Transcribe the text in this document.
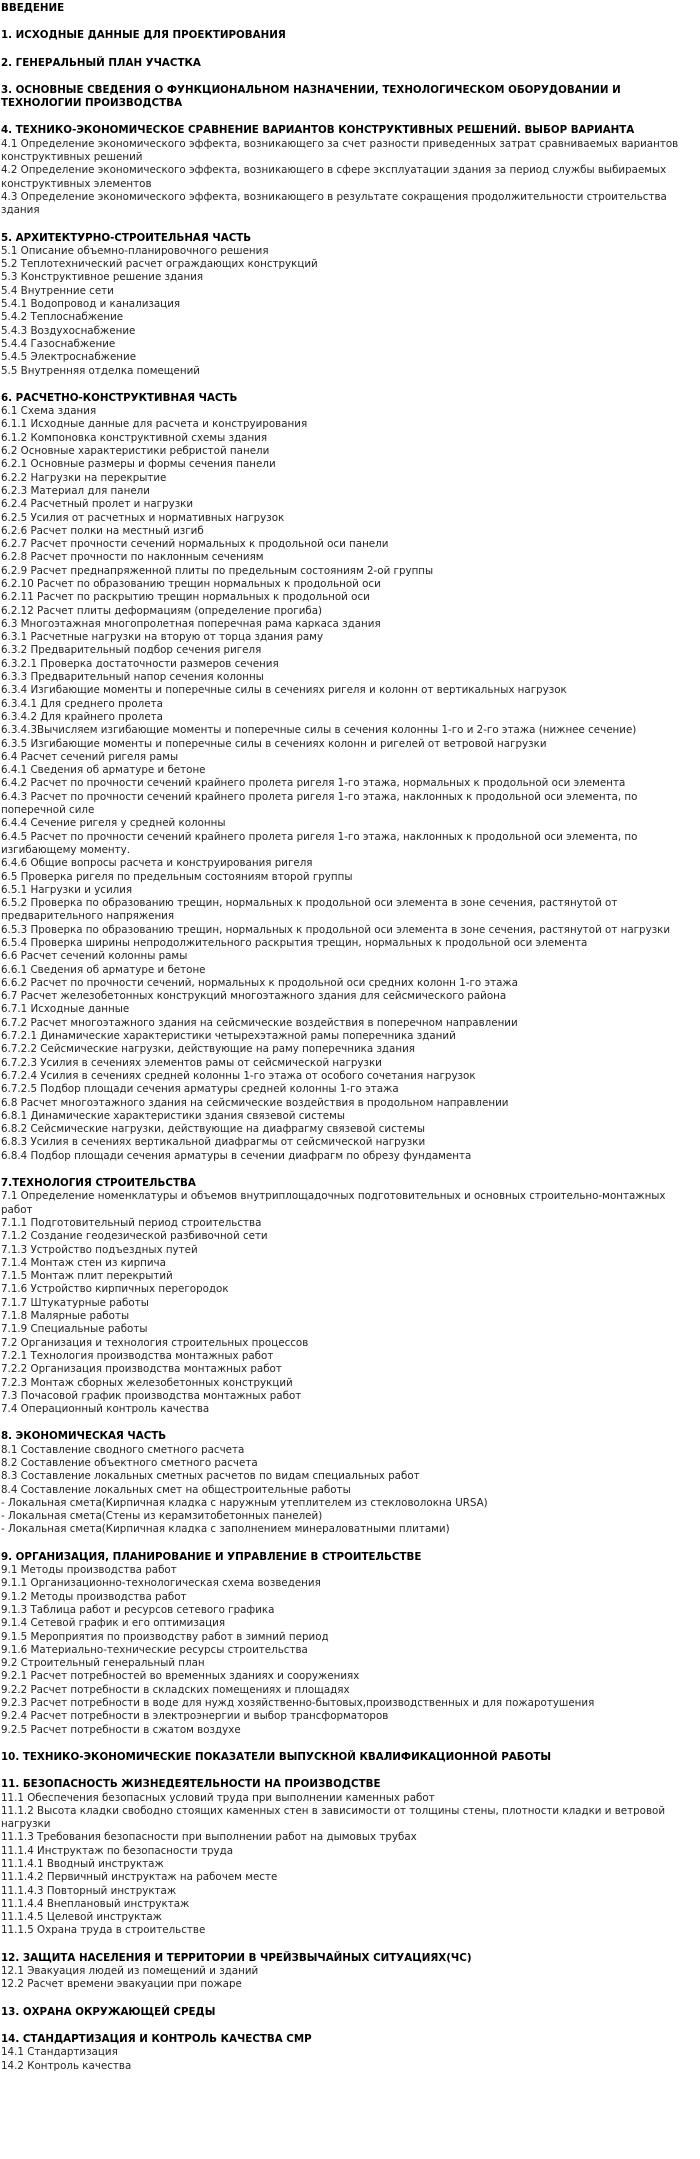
ВВЕДЕНИЕ
1. ИСХОДНЫЕ ДАННЫЕ ДЛЯ ПРОЕКТИРОВАНИЯ
2. ГЕНЕРАЛЬНЫЙ ПЛАН УЧАСТКА
3. ОСНОВНЫЕ СВЕДЕНИЯ О ФУНКЦИОНАЛЬНОМ НАЗНАЧЕНИИ, ТЕХНОЛОГИЧЕСКОМ ОБОРУДОВАНИИ И ТЕХНОЛОГИИ ПРОИЗВОДСТВА
4. ТЕХНИКО-ЭКОНОМИЧЕСКОЕ СРАВНЕНИЕ ВАРИАНТОВ КОНСТРУКТИВНЫХ РЕШЕНИЙ. ВЫБОР ВАРИАНТА
4.1 Определение экономического эффекта, возникающего за счет разности приведенных затрат сравниваемых вариантов конструктивных решений
4.2 Определение экономического эффекта, возникающего в сфере эксплуатации здания за период службы выбираемых конструктивных элементов
4.3 Определение экономического эффекта, возникающего в результате сокращения продолжительности строительства здания
5. АРХИТЕКТУРНО-СТРОИТЕЛЬНАЯ ЧАСТЬ
5.1 Описание объемно-планировочного решения
5.2 Теплотехнический расчет ограждающих конструкций
5.3 Конструктивное решение здания
5.4 Внутренние сети
5.4.1 Водопровод и канализация
5.4.2 Теплоснабжение
5.4.3 Воздухоснабжение
5.4.4 Газоснабжение
5.4.5 Электроснабжение
5.5 Внутренняя отделка помещений
6. РАСЧЕТНО-КОНСТРУКТИВНАЯ ЧАСТЬ
6.1 Схема здания
6.1.1 Исходные данные для расчета и конструирования
6.1.2 Компоновка конструктивной схемы здания
6.2 Основные характеристики ребристой панели
6.2.1 Основные размеры и формы сечения панели
6.2.2 Нагрузки на перекрытие
6.2.3 Материал для панели
6.2.4 Расчетный пролет и нагрузки
6.2.5 Усилия от расчетных и нормативных нагрузок
6.2.6 Расчет полки на местный изгиб
6.2.7 Расчет прочности сечений нормальных к продольной оси панели
6.2.8 Расчет прочности по наклонным сечениям
6.2.9 Расчет преднапряженной плиты по предельным состояниям 2-ой группы
6.2.10 Расчет по образованию трещин нормальных к продольной оси
6.2.11 Расчет по раскрытию трещин нормальных к продольной оси
6.2.12 Расчет плиты деформациям (определение прогиба)
6.3 Многоэтажная многопролетная поперечная рама каркаса здания
6.3.1 Расчетные нагрузки на вторую от торца здания раму
6.3.2 Предварительный подбор сечения ригеля
6.3.2.1 Проверка достаточности размеров сечения
6.3.3 Предварительный напор сечения колонны
6.3.4 Изгибающие моменты и поперечные силы в сечениях ригеля и колонн от вертикальных нагрузок
6.3.4.1 Для среднего пролета
6.3.4.2 Для крайнего пролета
6.3.4.3Вычисляем изгибающие моменты и поперечные силы в сечения колонны 1-го и 2-го этажа (нижнее сечение)
6.3.5 Изгибающие моменты и поперечные силы в сечениях колонн и ригелей от ветровой нагрузки
6.4 Расчет сечений ригеля рамы
6.4.1 Сведения об арматуре и бетоне
6.4.2 Расчет по прочности сечений крайнего пролета ригеля 1-го этажа, нормальных к продольной оси элемента
6.4.3 Расчет по прочности сечений крайнего пролета ригеля 1-го этажа, наклонных к продольной оси элемента, по поперечной силе
6.4.4 Сечение ригеля у средней колонны
6.4.5 Расчет по прочности сечений крайнего пролета ригеля 1-го этажа, наклонных к продольной оси элемента, по изгибающему моменту.
6.4.6 Общие вопросы расчета и конструирования ригеля
6.5 Проверка ригеля по предельным состояниям второй группы
6.5.1 Нагрузки и усилия
6.5.2 Проверка по образованию трещин, нормальных к продольной оси элемента в зоне сечения, растянутой от предварительного напряжения
6.5.3 Проверка по образованию трещин, нормальных к продольной оси элемента в зоне сечения, растянутой от нагрузки
6.5.4 Проверка ширины непродолжительного раскрытия трещин, нормальных к продольной оси элемента
6.6 Расчет сечений колонны рамы
6.6.1 Сведения об арматуре и бетоне
6.6.2 Расчет по прочности сечений, нормальных к продольной оси средних колонн 1-го этажа
6.7 Расчет железобетонных конструкций многоэтажного здания для сейсмического района
6.7.1 Исходные данные
6.7.2 Расчет многоэтажного здания на сейсмические воздействия в поперечном направлении
6.7.2.1 Динамические характеристики четырехэтажной рамы поперечника зданий
6.7.2.2 Сейсмические нагрузки, действующие на раму поперечника здания
6.7.2.3 Усилия в сечениях элементов рамы от сейсмической нагрузки
6.7.2.4 Усилия в сечениях средней колонны 1-го этажа от особого сочетания нагрузок
6.7.2.5 Подбор площади сечения арматуры средней колонны 1-го этажа
6.8 Расчет многоэтажного здания на сейсмические воздействия в продольном направлении
6.8.1 Динамические характеристики здания связевой системы
6.8.2 Сейсмические нагрузки, действующие на диафрагму связевой системы
6.8.3 Усилия в сечениях вертикальной диафрагмы от сейсмической нагрузки
6.8.4 Подбор площади сечения арматуры в сечении диафрагм по обрезу фундамента
7.ТЕХНОЛОГИЯ СТРОИТЕЛЬСТВА
7.1 Определение номенклатуры и объемов внутриплощадочных подготовительных и основных строительно-монтажных работ
7.1.1 Подготовительный период строительства
7.1.2 Создание геодезической разбивочной сети
7.1.3 Устройство подъездных путей
7.1.4 Монтаж стен из кирпича
7.1.5 Монтаж плит перекрытий
7.1.6 Устройство кирпичных перегородок
7.1.7 Штукатурные работы
7.1.8 Малярные работы
7.1.9 Специальные работы
7.2 Организация и технология строительных процессов
7.2.1 Технология производства монтажных работ
7.2.2 Организация производства монтажных работ
7.2.3 Монтаж сборных железобетонных конструкций
7.3 Почасовой график производства монтажных работ
7.4 Операционный контроль качества
8. ЭКОНОМИЧЕСКАЯ ЧАСТЬ
8.1 Составление сводного сметного расчета
8.2 Составление объектного сметного расчета
8.3 Составление локальных сметных расчетов по видам специальных работ
8.4 Составление локальных смет на общестроительные работы
- Локальная смета(Кирпичная кладка с наружным утеплителем из стекловолокна URSA)
- Локальная смета(Стены из керамзитобетонных панелей)
- Локальная смета(Кирпичная кладка с заполнением минераловатными плитами)
9. ОРГАНИЗАЦИЯ, ПЛАНИРОВАНИЕ И УПРАВЛЕНИЕ В СТРОИТЕЛЬСТВЕ
9.1 Методы производства работ
9.1.1 Организационно-технологическая схема возведения
9.1.2 Методы производства работ
9.1.3 Таблица работ и ресурсов сетевого графика
9.1.4 Сетевой график и его оптимизация
9.1.5 Мероприятия по производству работ в зимний период
9.1.6 Материально-технические ресурсы строительства
9.2 Строительный генеральный план
9.2.1 Расчет потребностей во временных зданиях и сооружениях
9.2.2 Расчет потребности в складских помещениях и площадях
9.2.3 Расчет потребности в воде для нужд хозяйственно-бытовых,производственных и для пожаротушения
9.2.4 Расчет потребности в электроэнергии и выбор трансформаторов
9.2.5 Расчет потребности в сжатом воздухе
10. ТЕХНИКО-ЭКОНОМИЧЕСКИЕ ПОКАЗАТЕЛИ ВЫПУСКНОЙ КВАЛИФИКАЦИОННОЙ РАБОТЫ
11. БЕЗОПАСНОСТЬ ЖИЗНЕДЕЯТЕЛЬНОСТИ НА ПРОИЗВОДСТВЕ
11.1 Обеспечения безопасных условий труда при выполнении каменных работ
11.1.2 Высота кладки свободно стоящих каменных стен в зависимости от толщины стены, плотности кладки и ветровой нагрузки
11.1.3 Требования безопасности при выполнении работ на дымовых трубах
11.1.4 Инструктаж по безопасности труда
11.1.4.1 Вводный инструктаж
11.1.4.2 Первичный инструктаж на рабочем месте
11.1.4.3 Повторный инструктаж
11.1.4.4 Внеплановый инструктаж
11.1.4.5 Целевой инструктаж
11.1.5 Охрана труда в строительстве
12. ЗАЩИТА НАСЕЛЕНИЯ И ТЕРРИТОРИИ В ЧРЕЙЗВЫЧАЙНЫХ СИТУАЦИЯХ(ЧС)
12.1 Эвакуация людей из помещений и зданий
12.2 Расчет времени эвакуации при пожаре
13. ОХРАНА ОКРУЖАЮЩЕЙ СРЕДЫ
14. СТАНДАРТИЗАЦИЯ И КОНТРОЛЬ КАЧЕСТВА СМР
14.1 Стандартизация
14.2 Контроль качества
